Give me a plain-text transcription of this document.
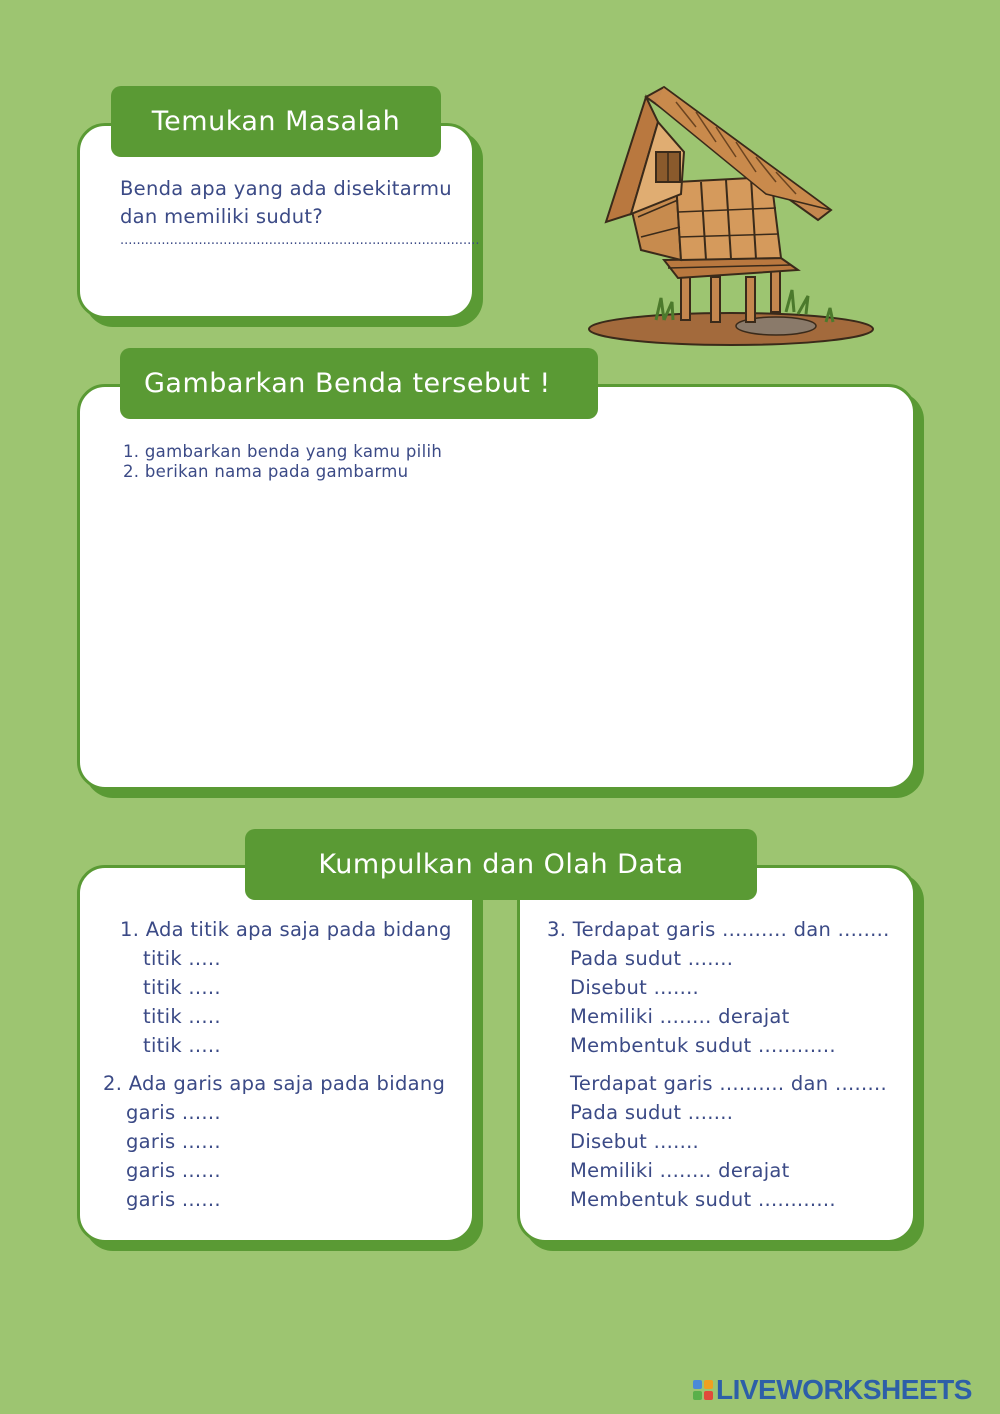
Temukan Masalah
Benda apa yang ada disekitarmu
dan memiliki sudut?
.......................................................................................
Gambarkan Benda tersebut !
1. gambarkan benda yang kamu pilih
2. berikan nama pada gambarmu
Kumpulkan dan Olah Data
1. Ada titik apa saja pada bidang
titik .....
titik .....
titik .....
titik .....
2. Ada garis apa saja pada bidang
garis ......
garis ......
garis ......
garis ......
3. Terdapat garis .......... dan ........
Pada sudut .......
Disebut .......
Memiliki ........ derajat
Membentuk sudut ............
Terdapat garis .......... dan ........
Pada sudut .......
Disebut .......
Memiliki ........ derajat
Membentuk sudut ............
LIVEWORKSHEETS
